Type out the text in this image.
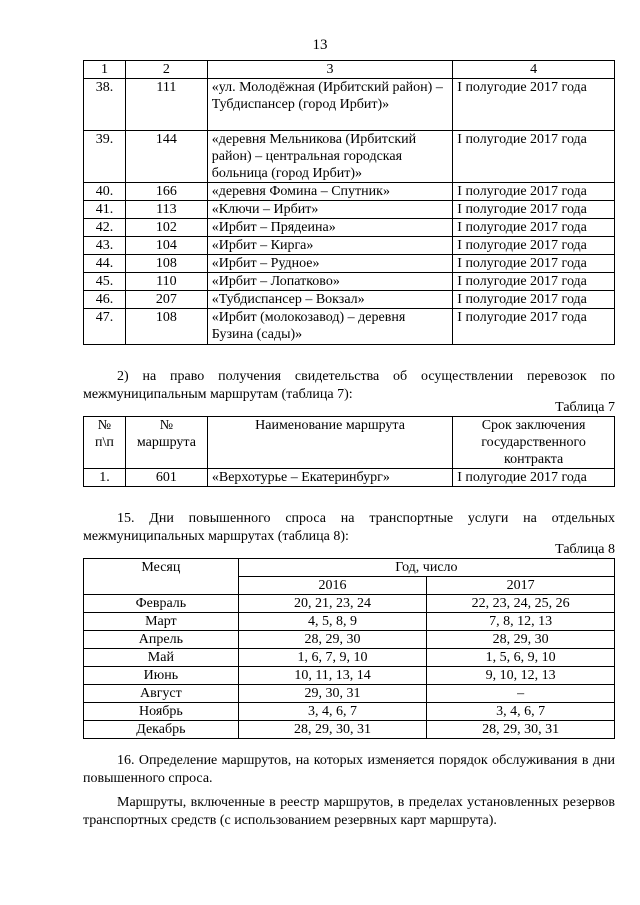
13
1	2	3	4
38.	111	«ул. Молодёжная (Ирбитский район) – Тубдиспансер (город Ирбит)»	I полугодие 2017 года
39.	144	«деревня Мельникова (Ирбитский район) – центральная городская больница (город Ирбит)»	I полугодие 2017 года
40.	166	«деревня Фомина – Спутник»	I полугодие 2017 года
41.	113	«Ключи – Ирбит»	I полугодие 2017 года
42.	102	«Ирбит – Прядеина»	I полугодие 2017 года
43.	104	«Ирбит – Кирга»	I полугодие 2017 года
44.	108	«Ирбит – Рудное»	I полугодие 2017 года
45.	110	«Ирбит – Лопатково»	I полугодие 2017 года
46.	207	«Тубдиспансер – Вокзал»	I полугодие 2017 года
47.	108	«Ирбит (молокозавод) – деревня Бузина (сады)»	I полугодие 2017 года
2) на право получения свидетельства об осуществлении перевозок по межмуниципальным маршрутам (таблица 7):
Таблица 7
№ п\п	№ маршрута	Наименование маршрута	Срок заключения государственного контракта
1.	601	«Верхотурье – Екатеринбург»	I полугодие 2017 года
15. Дни повышенного спроса на транспортные услуги на отдельных межмуниципальных маршрутах (таблица 8):
Таблица 8
Месяц	Год, число	
	2016	2017
Февраль	20, 21, 23, 24	22, 23, 24, 25, 26
Март	4, 5, 8, 9	7, 8, 12, 13
Апрель	28, 29, 30	28, 29, 30
Май	1, 6, 7, 9, 10	1, 5, 6, 9, 10
Июнь	10, 11, 13, 14	9, 10, 12, 13
Август	29, 30, 31	–
Ноябрь	3, 4, 6, 7	3, 4, 6, 7
Декабрь	28, 29, 30, 31	28, 29, 30, 31
16. Определение маршрутов, на которых изменяется порядок обслуживания в дни повышенного спроса.
Маршруты, включенные в реестр маршрутов, в пределах установленных резервов транспортных средств (с использованием резервных карт маршрута).
